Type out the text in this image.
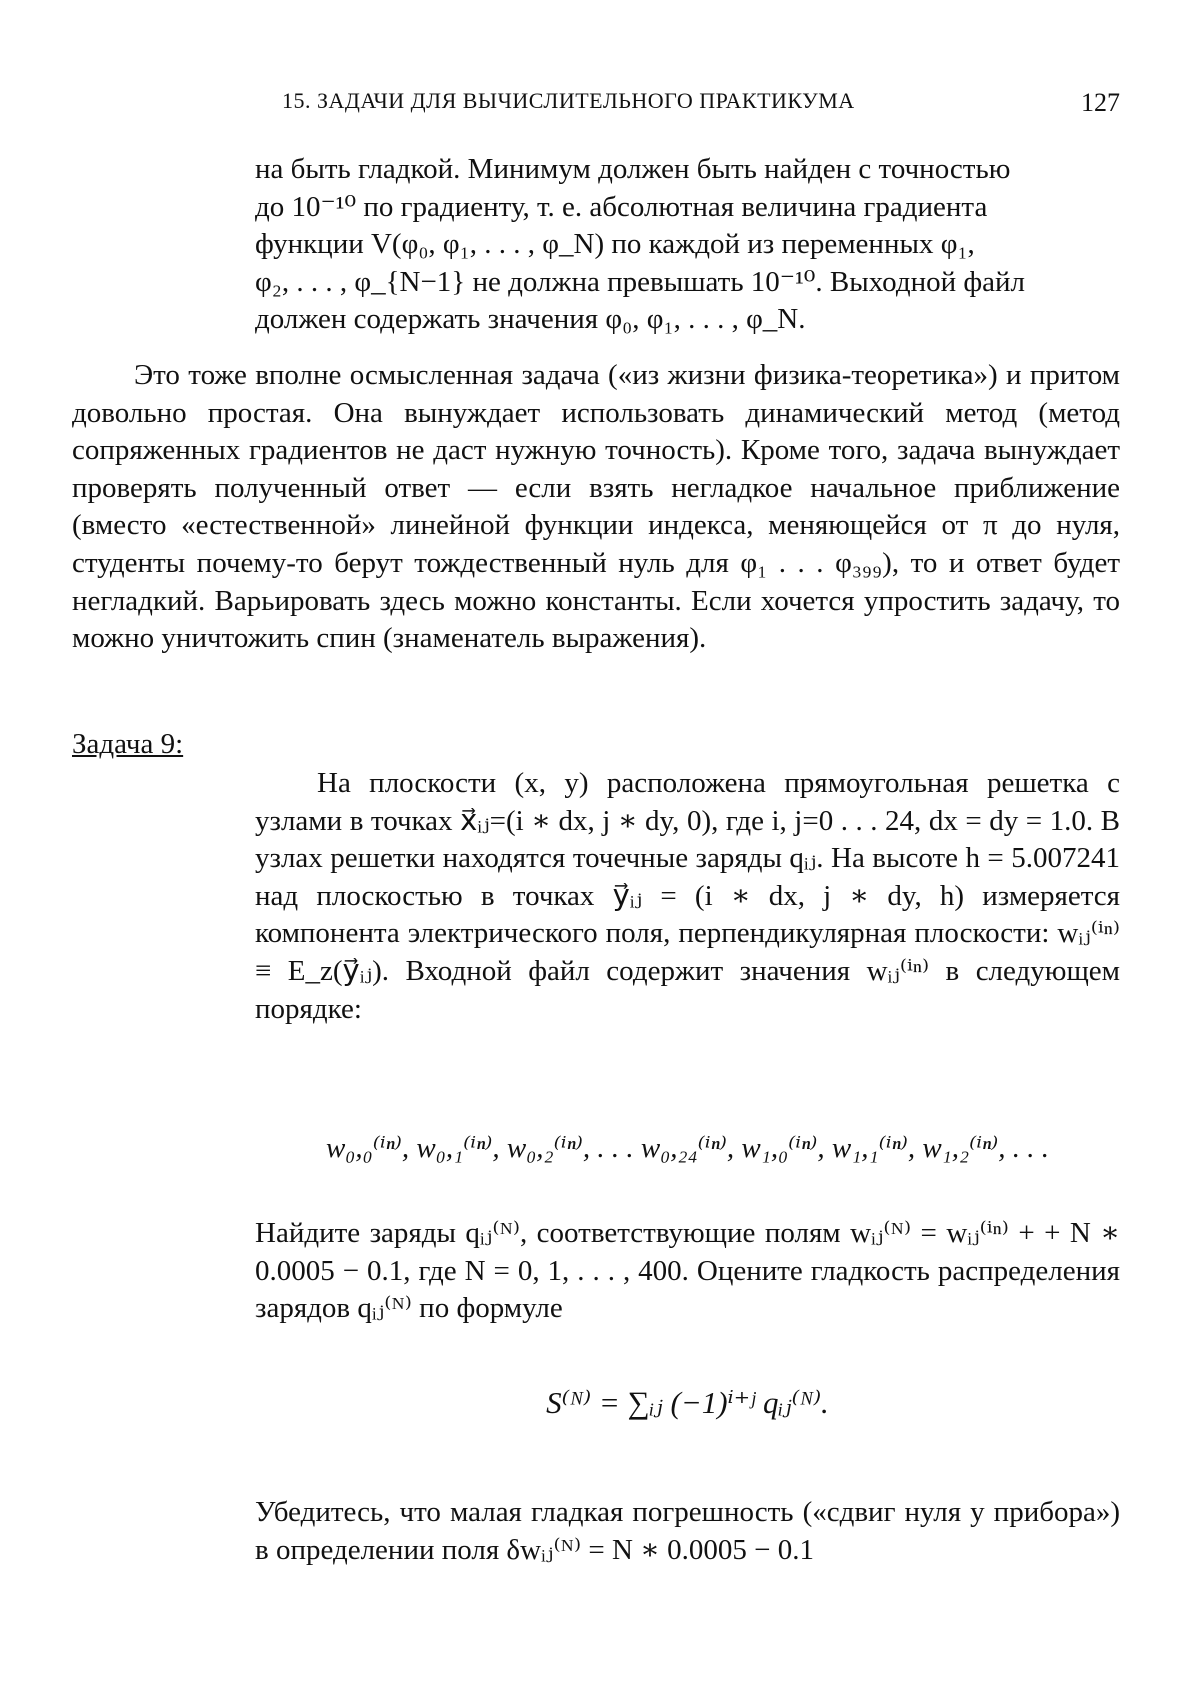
15. ЗАДАЧИ ДЛЯ ВЫЧИСЛИТЕЛЬНОГО ПРАКТИКУМА	127

на быть гладкой. Минимум должен быть найден с точностью

до 10⁻¹⁰ по градиенту, т. е. абсолютная величина градиента

функции V(φ₀, φ₁, . . . , φ_N) по каждой из переменных φ₁,

φ₂, . . . , φ_{N−1} не должна превышать 10⁻¹⁰. Выходной файл

должен содержать значения φ₀, φ₁, . . . , φ_N.

Это тоже вполне осмысленная задача («из жизни физика-теоретика») и притом довольно простая. Она вынуждает использовать динамический метод (метод сопряженных градиентов не даст нужную точность). Кроме того, задача вынуждает проверять полученный ответ — если взять негладкое начальное приближение (вместо «естественной» линейной функции индекса, меняющейся от π до нуля, студенты почему-то берут тождественный нуль для φ₁ . . . φ₃₉₉), то и ответ будет негладкий. Варьировать здесь можно константы. Если хочется упростить задачу, то можно уничтожить спин (знаменатель выражения).
Задача 9:
На плоскости (x, y) расположена прямоугольная решетка с узлами в точках x⃗ᵢⱼ=(i ∗ dx, j ∗ dy, 0), где i, j=0 . . . 24, dx = dy = 1.0. В узлах решетки находятся точечные заряды qᵢⱼ. На высоте h = 5.007241 над плоскостью в точках y⃗ᵢⱼ = (i ∗ dx, j ∗ dy, h) измеряется компонента электрического поля, перпендикулярная плоскости: wᵢⱼ⁽ⁱⁿ⁾ ≡ E_z(y⃗ᵢⱼ). Входной файл содержит значения wᵢⱼ⁽ⁱⁿ⁾ в следующем порядке:
w₀,₀⁽ⁱⁿ⁾, w₀,₁⁽ⁱⁿ⁾, w₀,₂⁽ⁱⁿ⁾, . . . w₀,₂₄⁽ⁱⁿ⁾, w₁,₀⁽ⁱⁿ⁾, w₁,₁⁽ⁱⁿ⁾, w₁,₂⁽ⁱⁿ⁾, . . .
Найдите заряды qᵢⱼ⁽ᴺ⁾, соответствующие полям wᵢⱼ⁽ᴺ⁾ = wᵢⱼ⁽ⁱⁿ⁾ + + N ∗ 0.0005 − 0.1, где N = 0, 1, . . . , 400. Оцените гладкость распределения зарядов qᵢⱼ⁽ᴺ⁾ по формуле
S⁽ᴺ⁾ = ∑ᵢⱼ (−1)ⁱ⁺ʲ qᵢⱼ⁽ᴺ⁾.
Убедитесь, что малая гладкая погрешность («сдвиг нуля у прибора») в определении поля δwᵢⱼ⁽ᴺ⁾ = N ∗ 0.0005 − 0.1
